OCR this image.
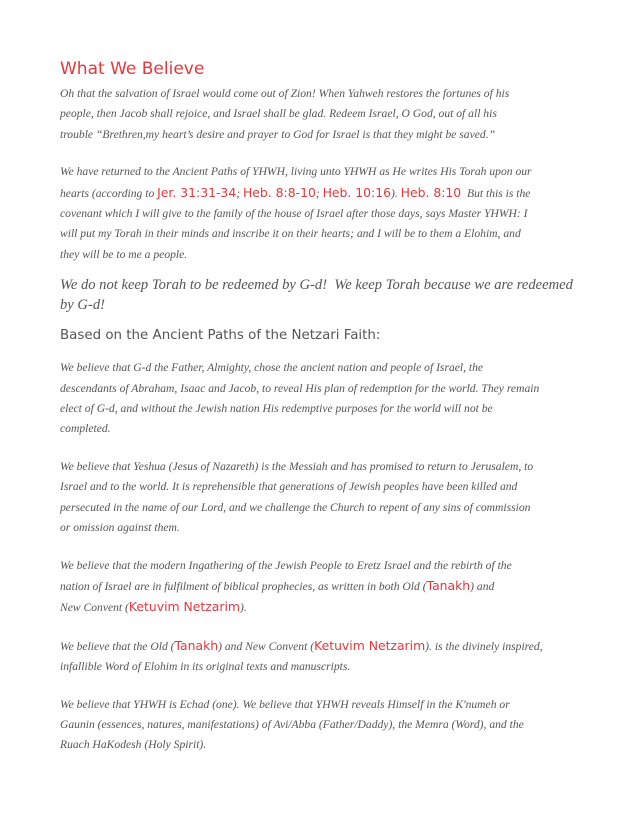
What We Believe

Oh that the salvation of Israel would come out of Zion! When Yahweh restores the fortunes of his
people, then Jacob shall rejoice, and Israel shall be glad. Redeem Israel, O God, out of all his
trouble “Brethren,my heart’s desire and prayer to God for Israel is that they might be saved.”

We have returned to the Ancient Paths of YHWH, living unto YHWH as He writes His Torah upon our
hearts (according to Jer. 31:31-34; Heb. 8:8-10; Heb. 10:16). Heb. 8:10  But this is the
covenant which I will give to the family of the house of Israel after those days, says Master YHWH: I
will put my Torah in their minds and inscribe it on their hearts; and I will be to them a Elohim, and
they will be to me a people.

We do not keep Torah to be redeemed by G-d!  We keep Torah because we are redeemed
by G-d!

Based on the Ancient Paths of the Netzari Faith:

We believe that G-d the Father, Almighty, chose the ancient nation and people of Israel, the
descendants of Abraham, Isaac and Jacob, to reveal His plan of redemption for the world. They remain
elect of G-d, and without the Jewish nation His redemptive purposes for the world will not be
completed.

We believe that Yeshua (Jesus of Nazareth) is the Messiah and has promised to return to Jerusalem, to
Israel and to the world. It is reprehensible that generations of Jewish peoples have been killed and
persecuted in the name of our Lord, and we challenge the Church to repent of any sins of commission
or omission against them.

We believe that the modern Ingathering of the Jewish People to Eretz Israel and the rebirth of the
nation of Israel are in fulfilment of biblical prophecies, as written in both Old (Tanakh) and
New Convent (Ketuvim Netzarim).

We believe that the Old (Tanakh) and New Convent (Ketuvim Netzarim). is the divinely inspired,
infallible Word of Elohim in its original texts and manuscripts.

We believe that YHWH is Echad (one). We believe that YHWH reveals Himself in the K'numeh or
Gaunin (essences, natures, manifestations) of Avi/Abba (Father/Daddy), the Memra (Word), and the
Ruach HaKodesh (Holy Spirit).
